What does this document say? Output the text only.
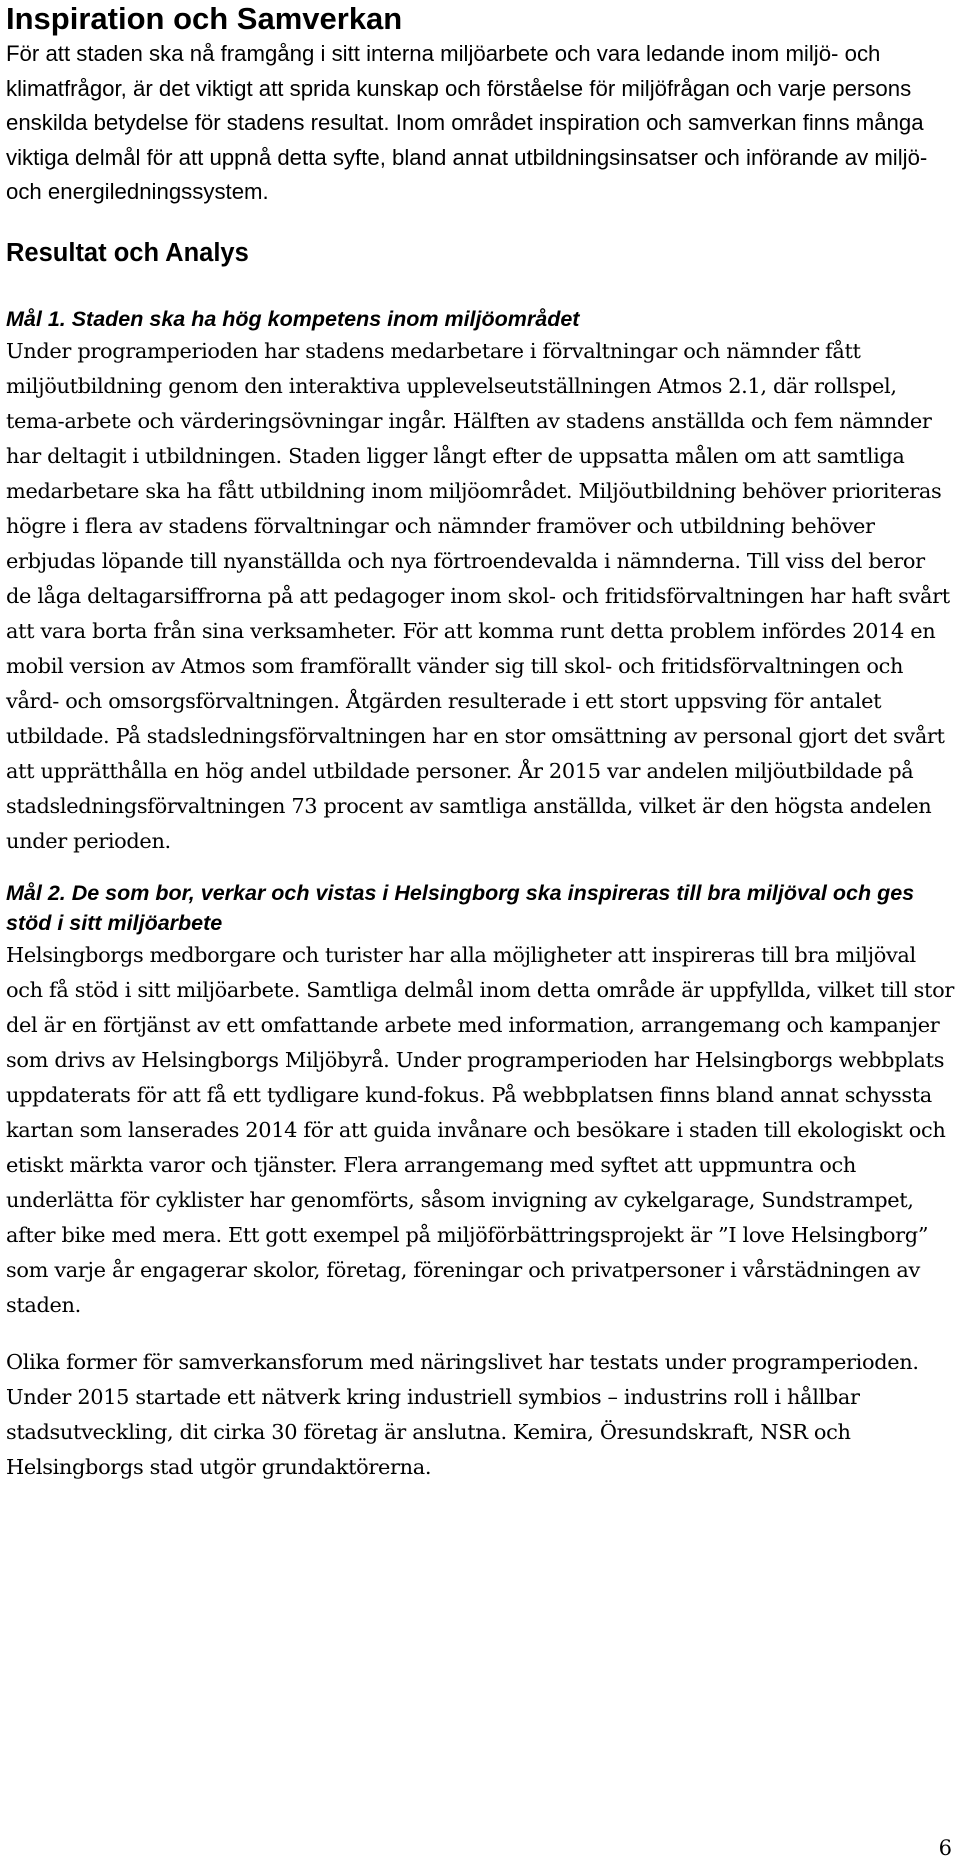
Inspiration och Samverkan

För att staden ska nå framgång i sitt interna miljöarbete och vara ledande inom miljö- och klimatfrågor, är det viktigt att sprida kunskap och förståelse för miljöfrågan och varje persons enskilda betydelse för stadens resultat. Inom området inspiration och samverkan finns många viktiga delmål för att uppnå detta syfte, bland annat utbildningsinsatser och införande av miljö- och energiledningssystem.

Resultat och Analys
Mål 1. Staden ska ha hög kompetens inom miljöområdet

Under programperioden har stadens medarbetare i förvaltningar och nämnder fått miljöutbildning genom den interaktiva upplevelseutställningen Atmos 2.1, där rollspel, tema-arbete och värderingsövningar ingår. Hälften av stadens anställda och fem nämnder har deltagit i utbildningen. Staden ligger långt efter de uppsatta målen om att samtliga medarbetare ska ha fått utbildning inom miljöområdet. Miljöutbildning behöver prioriteras högre i flera av stadens förvaltningar och nämnder framöver och utbildning behöver erbjudas löpande till nyanställda och nya förtroendevalda i nämnderna. Till viss del beror de låga deltagarsiffrorna på att pedagoger inom skol- och fritidsförvaltningen har haft svårt att vara borta från sina verksamheter. För att komma runt detta problem infördes 2014 en mobil version av Atmos som framförallt vänder sig till skol- och fritidsförvaltningen och vård- och omsorgsförvaltningen. Åtgärden resulterade i ett stort uppsving för antalet utbildade. På stadsledningsförvaltningen har en stor omsättning av personal gjort det svårt att upprätthålla en hög andel utbildade personer. År 2015 var andelen miljöutbildade på stadsledningsförvaltningen 73 procent av samtliga anställda, vilket är den högsta andelen under perioden.

Mål 2. De som bor, verkar och vistas i Helsingborg ska inspireras till bra miljöval och ges stöd i sitt miljöarbete

Helsingborgs medborgare och turister har alla möjligheter att inspireras till bra miljöval och få stöd i sitt miljöarbete. Samtliga delmål inom detta område är uppfyllda, vilket till stor del är en förtjänst av ett omfattande arbete med information, arrangemang och kampanjer som drivs av Helsingborgs Miljöbyrå. Under programperioden har Helsingborgs webbplats uppdaterats för att få ett tydligare kund-fokus. På webbplatsen finns bland annat schyssta kartan som lanserades 2014 för att guida invånare och besökare i staden till ekologiskt och etiskt märkta varor och tjänster. Flera arrangemang med syftet att uppmuntra och underlätta för cyklister har genomförts, såsom invigning av cykelgarage, Sundstrampet, after bike med mera. Ett gott exempel på miljöförbättringsprojekt är ”I love Helsingborg” som varje år engagerar skolor, företag, föreningar och privatpersoner i vårstädningen av staden.

Olika former för samverkansforum med näringslivet har testats under programperioden. Under 2015 startade ett nätverk kring industriell symbios – industrins roll i hållbar stadsutveckling, dit cirka 30 företag är anslutna. Kemira, Öresundskraft, NSR och Helsingborgs stad utgör grundaktörerna.

6
